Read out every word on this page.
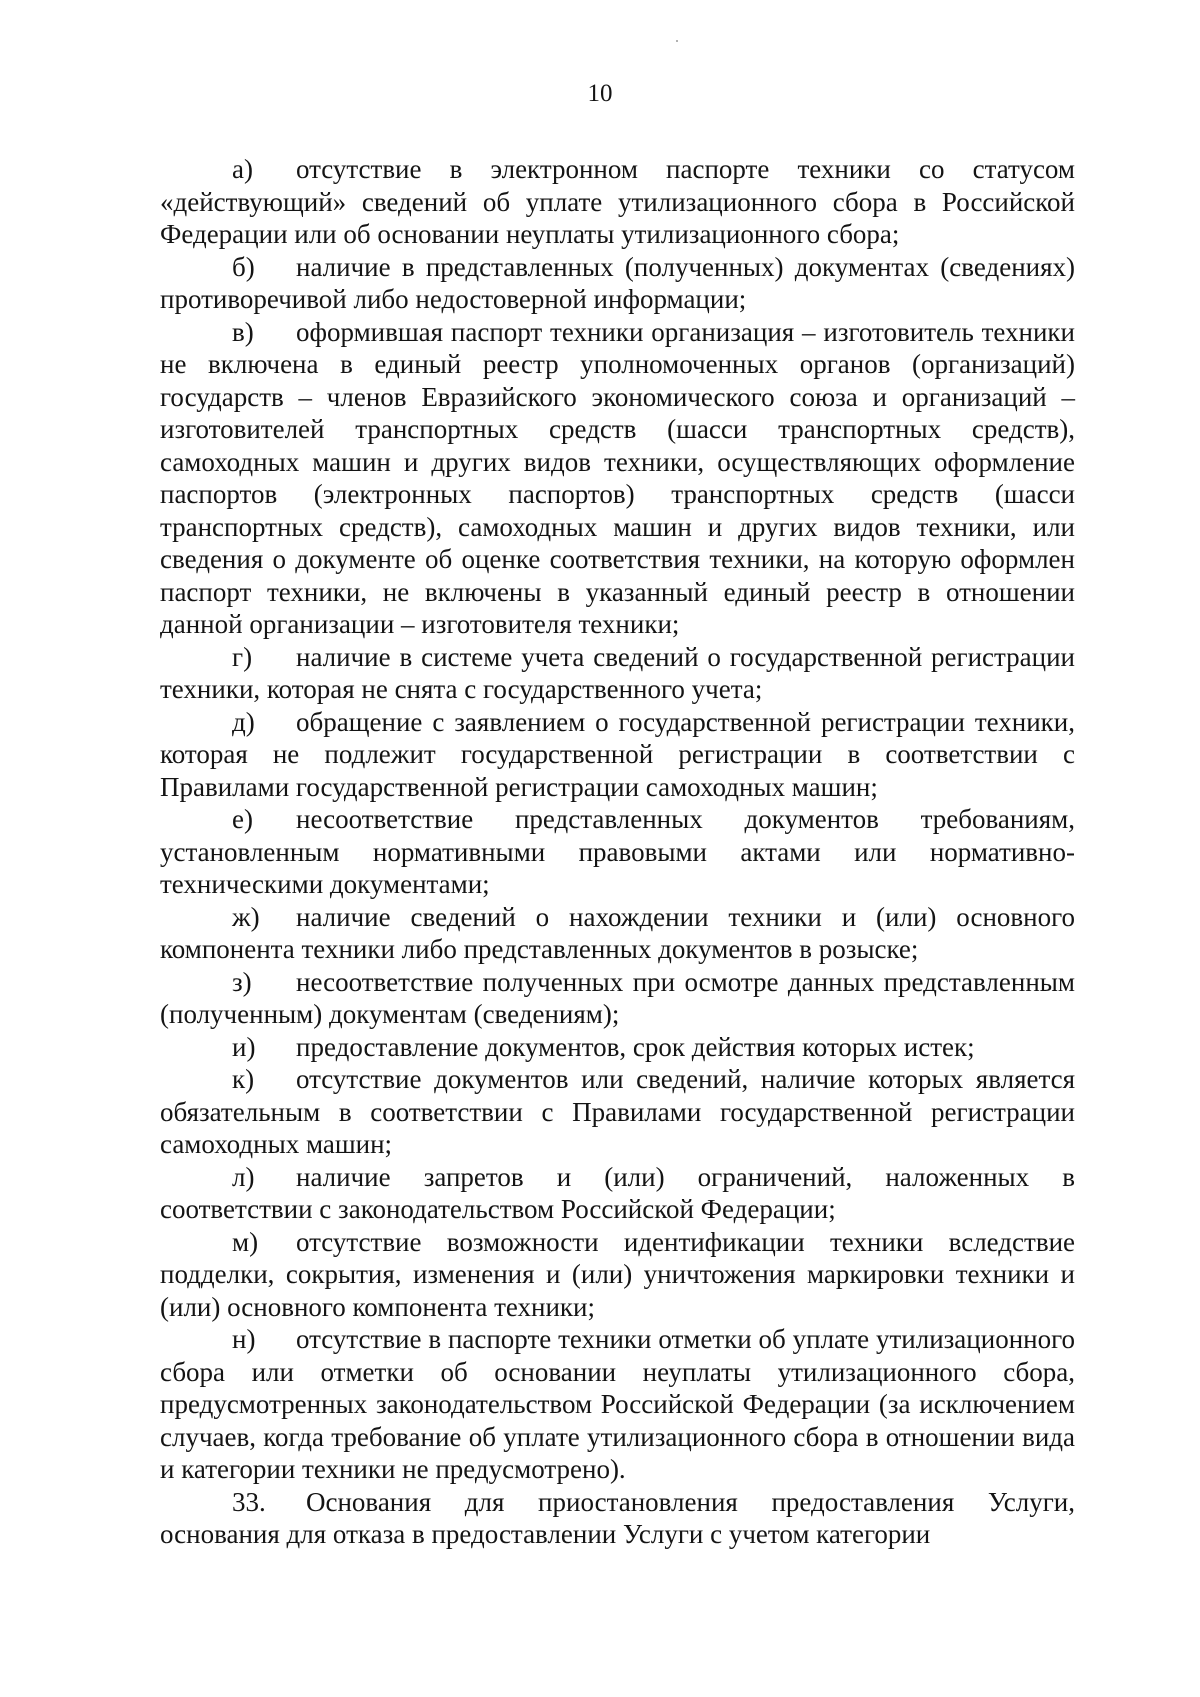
10

а) отсутствие в электронном паспорте техники со статусом «действующий» сведений об уплате утилизационного сбора в Российской Федерации или об основании неуплаты утилизационного сбора;

б) наличие в представленных (полученных) документах (сведениях) противоречивой либо недостоверной информации;

в) оформившая паспорт техники организация – изготовитель техники не включена в единый реестр уполномоченных органов (организаций) государств – членов Евразийского экономического союза и организаций – изготовителей транспортных средств (шасси транспортных средств), самоходных машин и других видов техники, осуществляющих оформление паспортов (электронных паспортов) транспортных средств (шасси транспортных средств), самоходных машин и других видов техники, или сведения о документе об оценке соответствия техники, на которую оформлен паспорт техники, не включены в указанный единый реестр в отношении данной организации – изготовителя техники;

г) наличие в системе учета сведений о государственной регистрации техники, которая не снята с государственного учета;

д) обращение с заявлением о государственной регистрации техники, которая не подлежит государственной регистрации в соответствии с Правилами государственной регистрации самоходных машин;

е) несоответствие представленных документов требованиям, установленным нормативными правовыми актами или нормативно-техническими документами;

ж) наличие сведений о нахождении техники и (или) основного компонента техники либо представленных документов в розыске;

з) несоответствие полученных при осмотре данных представленным (полученным) документам (сведениям);

и) предоставление документов, срок действия которых истек;

к) отсутствие документов или сведений, наличие которых является обязательным в соответствии с Правилами государственной регистрации самоходных машин;

л) наличие запретов и (или) ограничений, наложенных в соответствии с законодательством Российской Федерации;

м) отсутствие возможности идентификации техники вследствие подделки, сокрытия, изменения и (или) уничтожения маркировки техники и (или) основного компонента техники;

н) отсутствие в паспорте техники отметки об уплате утилизационного сбора или отметки об основании неуплаты утилизационного сбора, предусмотренных законодательством Российской Федерации (за исключением случаев, когда требование об уплате утилизационного сбора в отношении вида и категории техники не предусмотрено).

33. Основания для приостановления предоставления Услуги, основания для отказа в предоставлении Услуги с учетом категории
